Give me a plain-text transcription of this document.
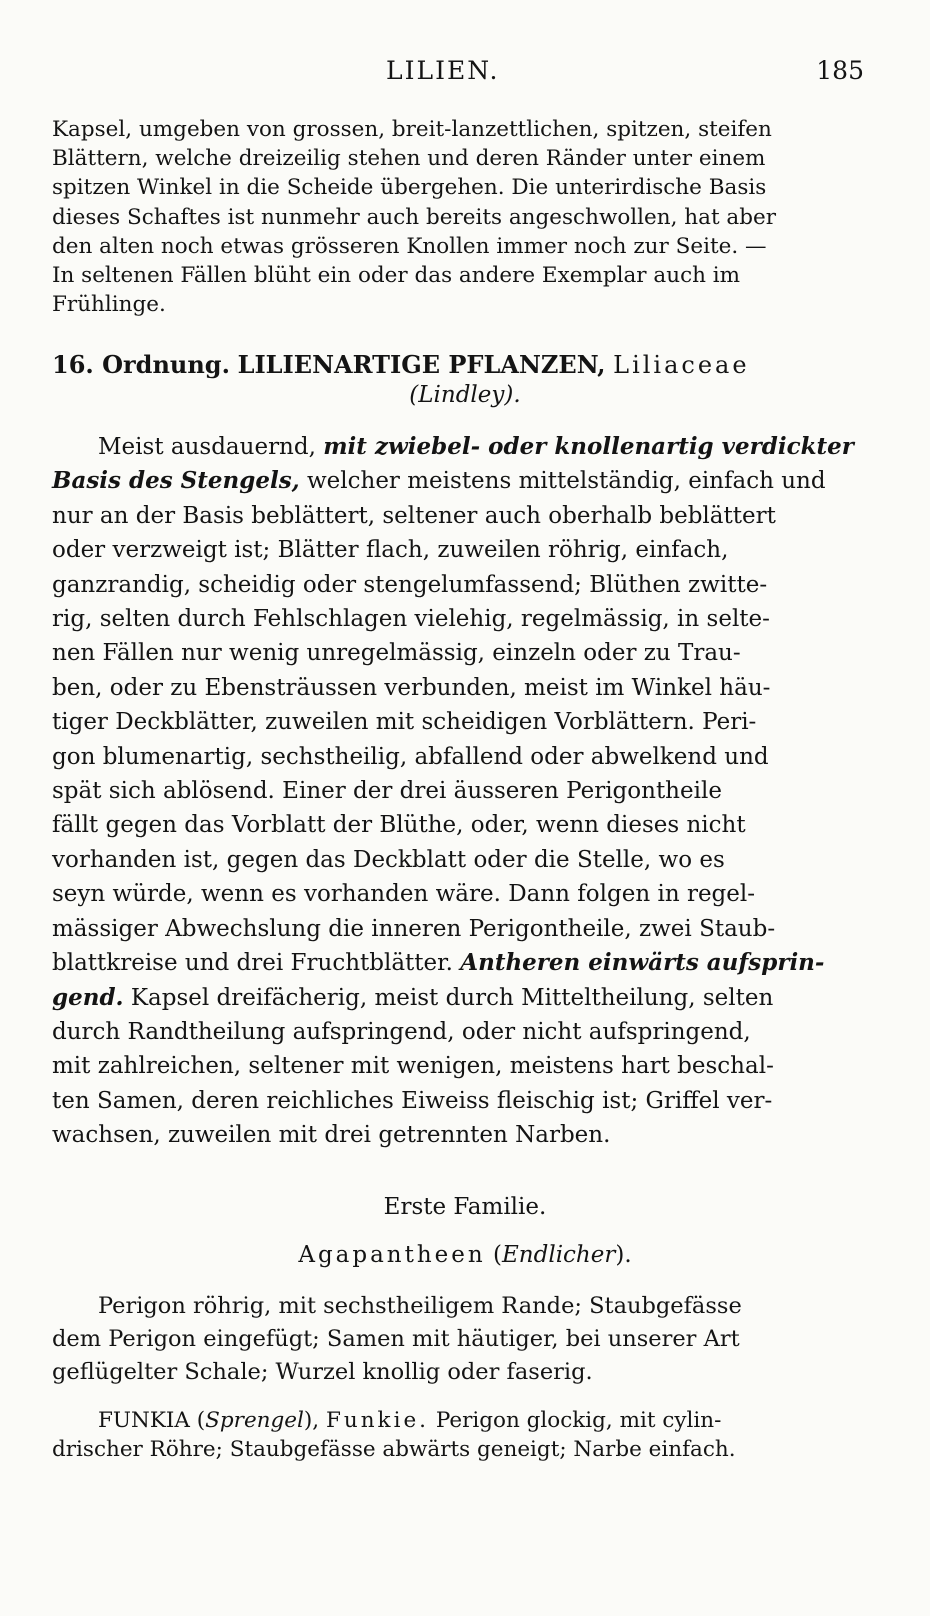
LILIEN.	185
Kapsel, umgeben von grossen, breit-lanzettlichen, spitzen, steifen
Blättern, welche dreizeilig stehen und deren Ränder unter einem
spitzen Winkel in die Scheide übergehen. Die unterirdische Basis
dieses Schaftes ist nunmehr auch bereits angeschwollen, hat aber
den alten noch etwas grösseren Knollen immer noch zur Seite. —
In seltenen Fällen blüht ein oder das andere Exemplar auch im
Frühlinge.
16. Ordnung. LILIENARTIGE PFLANZEN, Liliaceae
(Lindley).
Meist ausdauernd, mit zwiebel- oder knollenartig verdickter
Basis des Stengels, welcher meistens mittelständig, einfach und
nur an der Basis beblättert, seltener auch oberhalb beblättert
oder verzweigt ist; Blätter flach, zuweilen röhrig, einfach,
ganzrandig, scheidig oder stengelumfassend; Blüthen zwitte-
rig, selten durch Fehlschlagen vielehig, regelmässig, in selte-
nen Fällen nur wenig unregelmässig, einzeln oder zu Trau-
ben, oder zu Ebensträussen verbunden, meist im Winkel häu-
tiger Deckblätter, zuweilen mit scheidigen Vorblättern. Peri-
gon blumenartig, sechstheilig, abfallend oder abwelkend und
spät sich ablösend. Einer der drei äusseren Perigontheile
fällt gegen das Vorblatt der Blüthe, oder, wenn dieses nicht
vorhanden ist, gegen das Deckblatt oder die Stelle, wo es
seyn würde, wenn es vorhanden wäre. Dann folgen in regel-
mässiger Abwechslung die inneren Perigontheile, zwei Staub-
blattkreise und drei Fruchtblätter. Antheren einwärts aufsprin-
gend. Kapsel dreifächerig, meist durch Mitteltheilung, selten
durch Randtheilung aufspringend, oder nicht aufspringend,
mit zahlreichen, seltener mit wenigen, meistens hart beschal-
ten Samen, deren reichliches Eiweiss fleischig ist; Griffel ver-
wachsen, zuweilen mit drei getrennten Narben.
Erste Familie.
Agapantheen (Endlicher).
Perigon röhrig, mit sechstheiligem Rande; Staubgefässe
dem Perigon eingefügt; Samen mit häutiger, bei unserer Art
geflügelter Schale; Wurzel knollig oder faserig.
FUNKIA (Sprengel), Funkie. Perigon glockig, mit cylin-
drischer Röhre; Staubgefässe abwärts geneigt; Narbe einfach.
